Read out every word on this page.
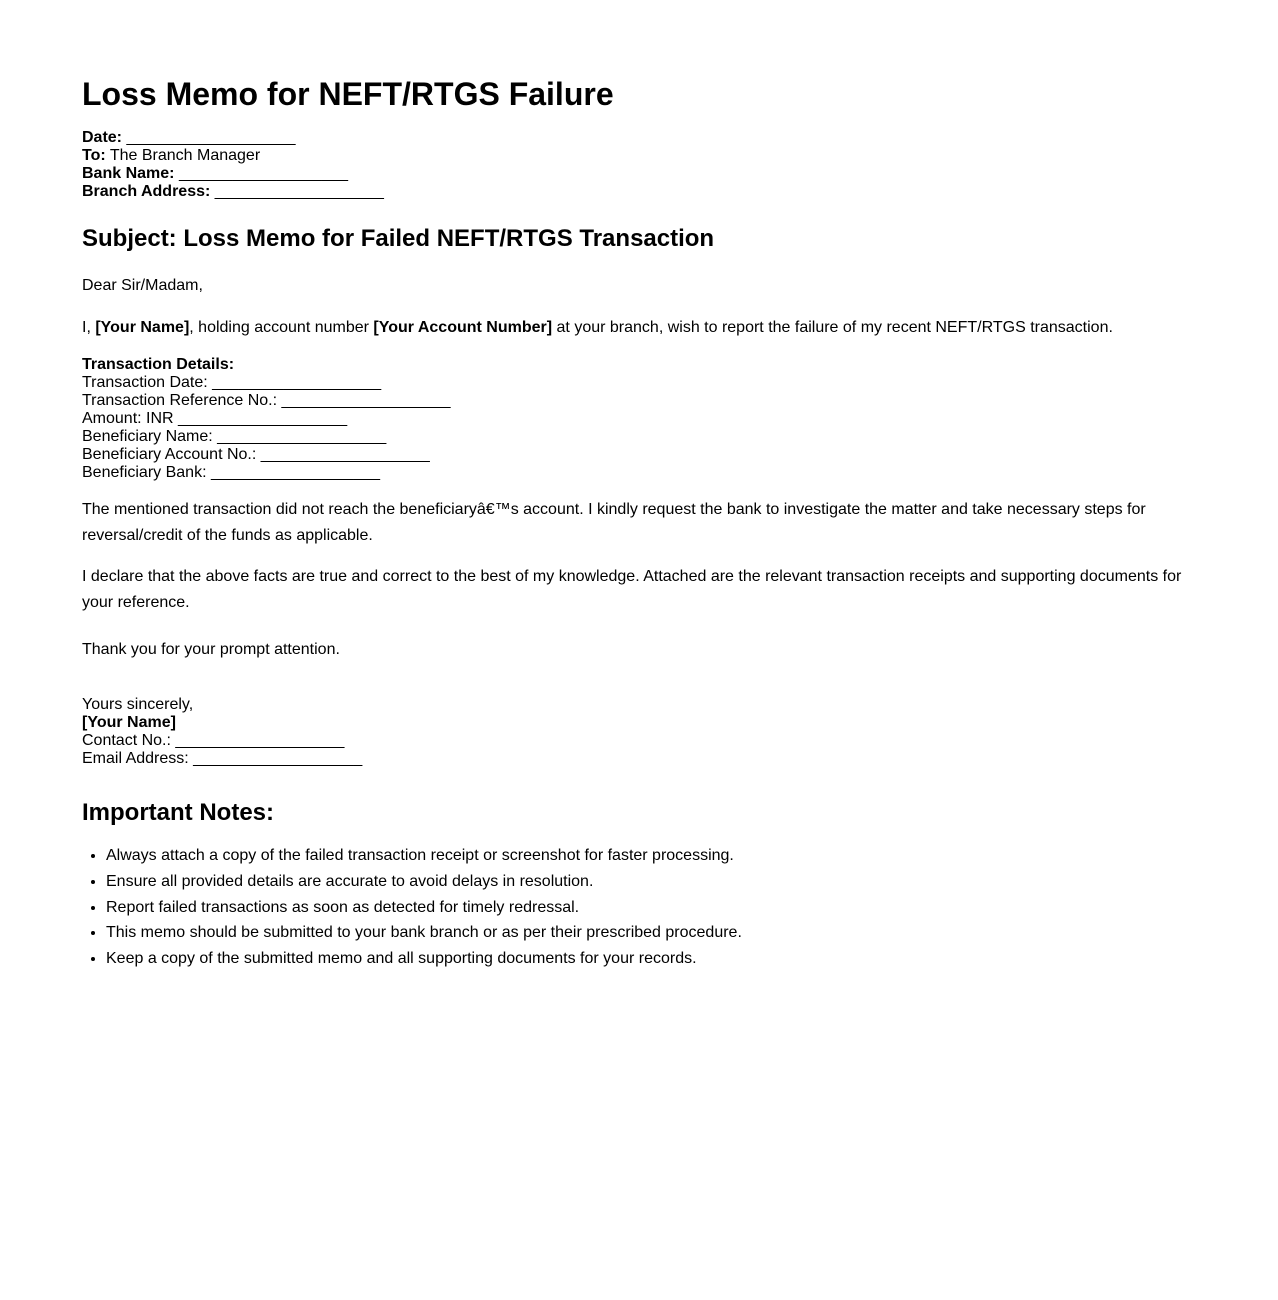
Loss Memo for NEFT/RTGS Failure
Date: ___________________
To: The Branch Manager
Bank Name: ___________________
Branch Address: ___________________
Subject: Loss Memo for Failed NEFT/RTGS Transaction
Dear Sir/Madam,
I, [Your Name], holding account number [Your Account Number] at your branch, wish to report the failure of my recent NEFT/RTGS transaction.
Transaction Details:
Transaction Date: ___________________
Transaction Reference No.: ___________________
Amount: INR ___________________
Beneficiary Name: ___________________
Beneficiary Account No.: ___________________
Beneficiary Bank: ___________________
The mentioned transaction did not reach the beneficiaryâ€™s account. I kindly request the bank to investigate the matter and take necessary steps for reversal/credit of the funds as applicable.
I declare that the above facts are true and correct to the best of my knowledge. Attached are the relevant transaction receipts and supporting documents for your reference.
Thank you for your prompt attention.
Yours sincerely,
[Your Name]
Contact No.: ___________________
Email Address: ___________________
Important Notes:
• Always attach a copy of the failed transaction receipt or screenshot for faster processing.
• Ensure all provided details are accurate to avoid delays in resolution.
• Report failed transactions as soon as detected for timely redressal.
• This memo should be submitted to your bank branch or as per their prescribed procedure.
• Keep a copy of the submitted memo and all supporting documents for your records.
